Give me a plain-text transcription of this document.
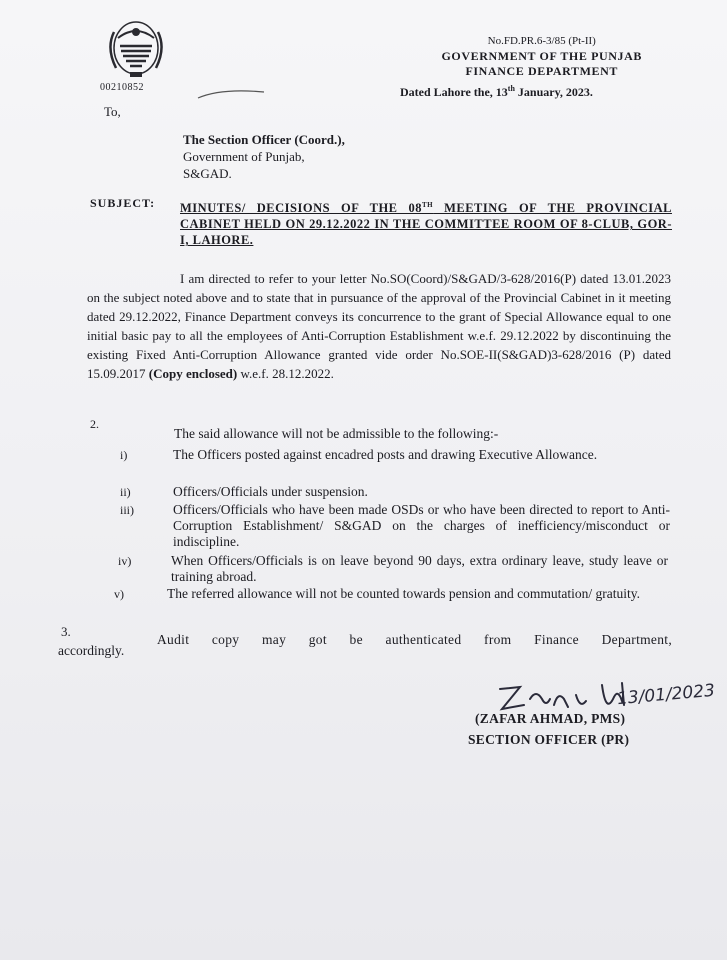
00210852
To,
No.FD.PR.6-3/85 (Pt-II)
GOVERNMENT OF THE PUNJAB
FINANCE DEPARTMENT
Dated Lahore the, 13th January, 2023.
The Section Officer (Coord.),
Government of Punjab,
S&GAD.
SUBJECT: MINUTES/ DECISIONS OF THE 08TH MEETING OF THE PROVINCIAL CABINET HELD ON 29.12.2022 IN THE COMMITTEE ROOM OF 8-CLUB, GOR-I, LAHORE.
I am directed to refer to your letter No.SO(Coord)/S&GAD/3-628/2016(P) dated 13.01.2023 on the subject noted above and to state that in pursuance of the approval of the Provincial Cabinet in it meeting dated 29.12.2022, Finance Department conveys its concurrence to the grant of Special Allowance equal to one initial basic pay to all the employees of Anti-Corruption Establishment w.e.f. 29.12.2022 by discontinuing the existing Fixed Anti-Corruption Allowance granted vide order No.SOE-II(S&GAD)3-628/2016 (P) dated 15.09.2017 (Copy enclosed) w.e.f. 28.12.2022.
2.
The said allowance will not be admissible to the following:-
i)	The Officers posted against encadred posts and drawing Executive Allowance.
ii)	Officers/Officials under suspension.
iii)	Officers/Officials who have been made OSDs or who have been directed to report to Anti-Corruption Establishment/ S&GAD on the charges of inefficiency/misconduct or indiscipline.
iv)	When Officers/Officials is on leave beyond 90 days, extra ordinary leave, study leave or training abroad.
v)	The referred allowance will not be counted towards pension and commutation/ gratuity.
3.
Audit copy may got be authenticated from Finance Department,
accordingly.
13/01/2023
(ZAFAR AHMAD, PMS)
SECTION OFFICER (PR)
